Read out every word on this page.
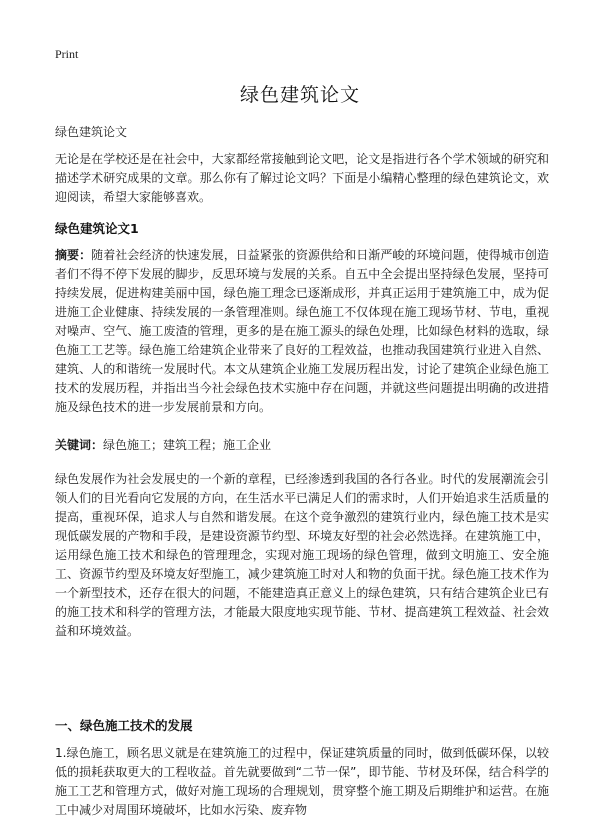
Print
绿色建筑论文
绿色建筑论文

无论是在学校还是在社会中，大家都经常接触到论文吧，论文是指进行各个学术领域的研究和描述学术研究成果的文章。那么你有了解过论文吗？下面是小编精心整理的绿色建筑论文，欢迎阅读，希望大家能够喜欢。

绿色建筑论文1

摘要：随着社会经济的快速发展，日益紧张的资源供给和日渐严峻的环境问题，使得城市创造者们不得不停下发展的脚步，反思环境与发展的关系。自五中全会提出坚持绿色发展，坚持可持续发展，促进构建美丽中国，绿色施工理念已逐渐成形，并真正运用于建筑施工中，成为促进施工企业健康、持续发展的一条管理准则。绿色施工不仅体现在施工现场节材、节电，重视对噪声、空气、施工废渣的管理，更多的是在施工源头的绿色处理，比如绿色材料的选取，绿色施工工艺等。绿色施工给建筑企业带来了良好的工程效益，也推动我国建筑行业进入自然、建筑、人的和谐统一发展时代。本文从建筑企业施工发展历程出发，讨论了建筑企业绿色施工技术的发展历程，并指出当今社会绿色技术实施中存在问题，并就这些问题提出明确的改进措施及绿色技术的进一步发展前景和方向。

关键词：绿色施工；建筑工程；施工企业

绿色发展作为社会发展史的一个新的章程，已经渗透到我国的各行各业。时代的发展潮流会引领人们的目光看向它发展的方向，在生活水平已满足人们的需求时，人们开始追求生活质量的提高，重视环保，追求人与自然和谐发展。在这个竞争激烈的建筑行业内，绿色施工技术是实现低碳发展的产物和手段，是建设资源节约型、环境友好型的社会必然选择。在建筑施工中，运用绿色施工技术和绿色的管理理念，实现对施工现场的绿色管理，做到文明施工、安全施工、资源节约型及环境友好型施工，减少建筑施工时对人和物的负面干扰。绿色施工技术作为一个新型技术，还存在很大的问题，不能建造真正意义上的绿色建筑，只有结合建筑企业已有的施工技术和科学的管理方法，才能最大限度地实现节能、节材、提高建筑工程效益、社会效益和环境效益。

一、绿色施工技术的发展

1.绿色施工，顾名思义就是在建筑施工的过程中，保证建筑质量的同时，做到低碳环保，以较低的损耗获取更大的工程收益。首先就要做到“二节一保”，即节能、节材及环保，结合科学的施工工艺和管理方式，做好对施工现场的合理规划，贯穿整个施工期及后期维护和运营。在施工中减少对周围环境破坏，比如水污染、废弃物
